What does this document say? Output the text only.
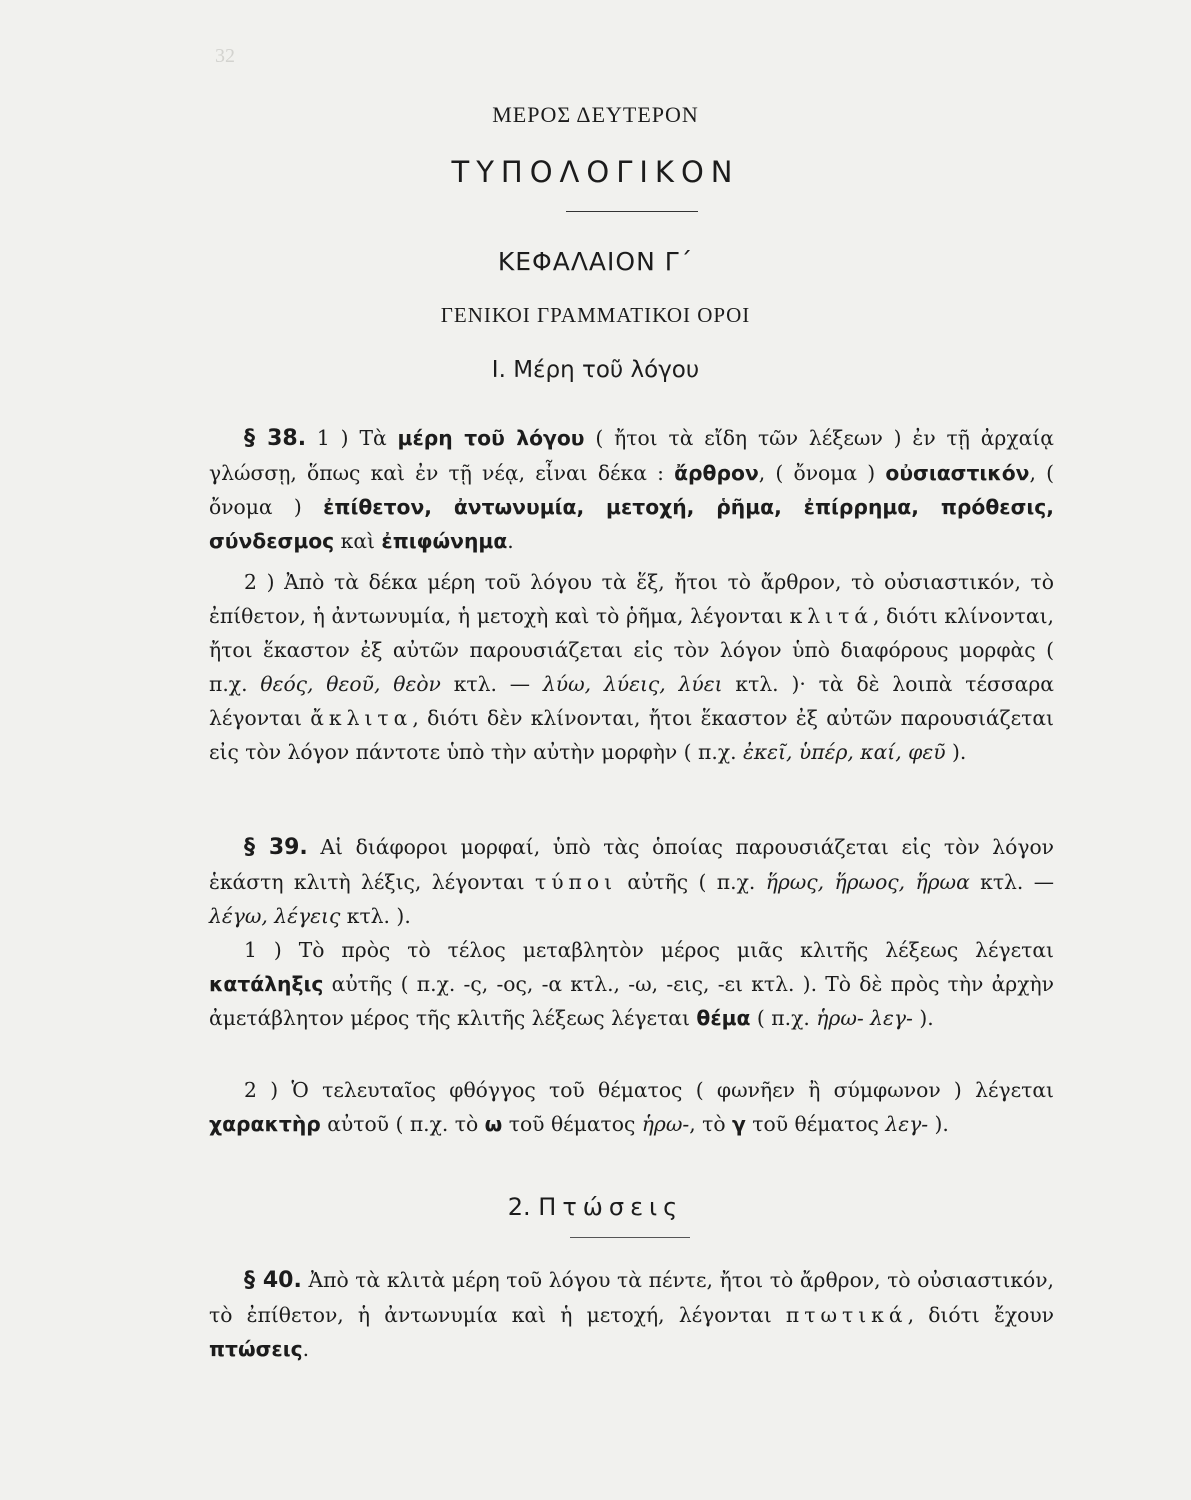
32
ΜΕΡΟΣ ΔΕΥΤΕΡΟΝ
ΤΥΠΟΛΟΓΙΚΟΝ
ΚΕΦΑΛΑΙΟΝ Γ΄
ΓΕΝΙΚΟΙ ΓΡΑΜΜΑΤΙΚΟΙ ΟΡΟΙ
Ι. Μέρη τοῦ λόγου
§ 38. 1 ) Τὰ μέρη τοῦ λόγου ( ἤτοι τὰ εἴδη τῶν λέξεων ) ἐν τῇ ἀρχαίᾳ γλώσσῃ, ὅπως καὶ ἐν τῇ νέᾳ, εἶναι δέκα : ἄρθρον, ( ὄνομα ) οὐσιαστικόν, ( ὄνομα ) ἐπίθετον, ἀντωνυμία, μετοχή, ῥῆμα, ἐπίρρημα, πρόθεσις, σύνδεσμος καὶ ἐπιφώνημα.
2 ) Ἀπὸ τὰ δέκα μέρη τοῦ λόγου τὰ ἕξ, ἤτοι τὸ ἄρθρον, τὸ οὐσιαστικόν, τὸ ἐπίθετον, ἡ ἀντωνυμία, ἡ μετοχὴ καὶ τὸ ῥῆμα, λέγονται κλιτά, διότι κλίνονται, ἤτοι ἕκαστον ἐξ αὐτῶν παρουσιάζεται εἰς τὸν λόγον ὑπὸ διαφόρους μορφὰς ( π.χ. θεός, θεοῦ, θεὸν κτλ. — λύω, λύεις, λύει κτλ. )· τὰ δὲ λοιπὰ τέσσαρα λέγονται ἄκλιτα, διότι δὲν κλίνονται, ἤτοι ἕκαστον ἐξ αὐτῶν παρουσιάζεται εἰς τὸν λόγον πάντοτε ὑπὸ τὴν αὐτὴν μορφὴν ( π.χ. ἐκεῖ, ὑπέρ, καί, φεῦ ).
§ 39. Αἱ διάφοροι μορφαί, ὑπὸ τὰς ὁποίας παρουσιάζεται εἰς τὸν λόγον ἑκάστη κλιτὴ λέξις, λέγονται τύποι αὐτῆς ( π.χ. ἥρως, ἥρωος, ἥρωα κτλ. — λέγω, λέγεις κτλ. ).
1 ) Τὸ πρὸς τὸ τέλος μεταβλητὸν μέρος μιᾶς κλιτῆς λέξεως λέγεται κατάληξις αὐτῆς ( π.χ. -ς, -ος, -α κτλ., -ω, -εις, -ει κτλ. ). Τὸ δὲ πρὸς τὴν ἀρχὴν ἀμετάβλητον μέρος τῆς κλιτῆς λέξεως λέγεται θέμα ( π.χ. ἡρω- λεγ- ).
2 ) Ὁ τελευταῖος φθόγγος τοῦ θέματος ( φωνῆεν ἢ σύμφωνον ) λέγεται χαρακτὴρ αὐτοῦ ( π.χ. τὸ ω τοῦ θέματος ἡρω-, τὸ γ τοῦ θέματος λεγ- ).
2. Πτώσεις
§ 40. Ἀπὸ τὰ κλιτὰ μέρη τοῦ λόγου τὰ πέντε, ἤτοι τὸ ἄρθρον, τὸ οὐσιαστικόν, τὸ ἐπίθετον, ἡ ἀντωνυμία καὶ ἡ μετοχή, λέγονται πτωτικά, διότι ἔχουν πτώσεις.
